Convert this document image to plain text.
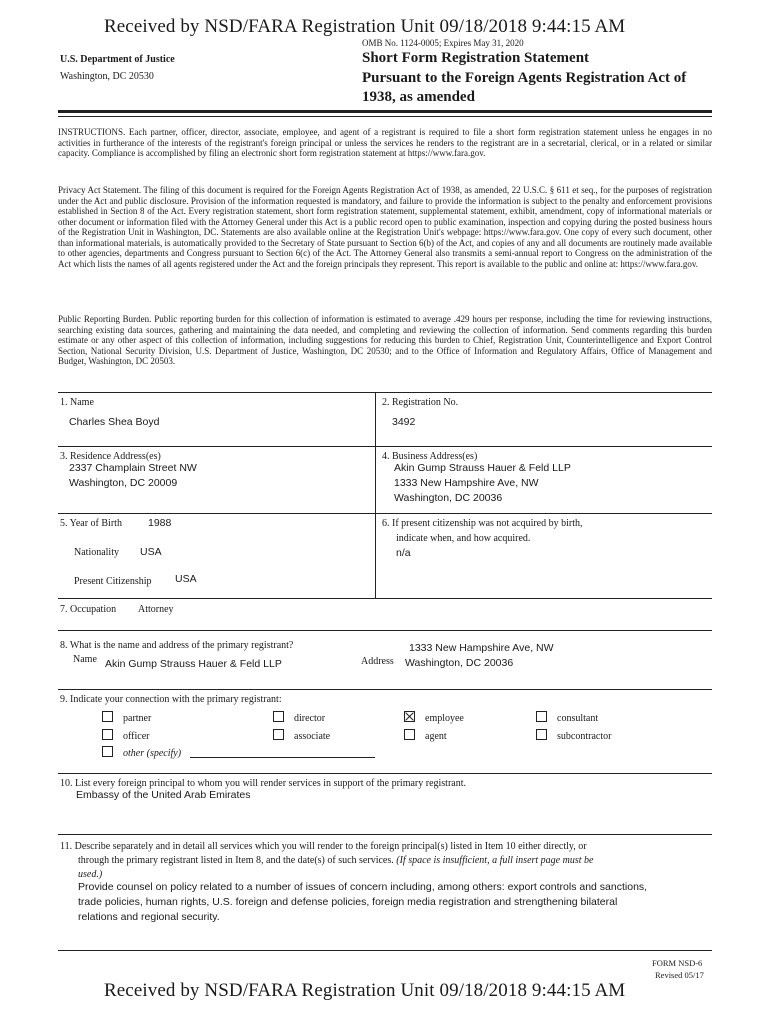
Received by NSD/FARA Registration Unit 09/18/2018 9:44:15 AM
OMB No. 1124-0005; Expires May 31, 2020
U.S. Department of Justice
Washington, DC 20530
Short Form Registration Statement
Pursuant to the Foreign Agents Registration Act of
1938, as amended
INSTRUCTIONS. Each partner, officer, director, associate, employee, and agent of a registrant is required to file a short form registration statement unless he engages in no activities in furtherance of the interests of the registrant's foreign principal or unless the services he renders to the registrant are in a secretarial, clerical, or in a related or similar capacity. Compliance is accomplished by filing an electronic short form registration statement at https://www.fara.gov.
Privacy Act Statement. The filing of this document is required for the Foreign Agents Registration Act of 1938, as amended, 22 U.S.C. § 611 et seq., for the purposes of registration under the Act and public disclosure. Provision of the information requested is mandatory, and failure to provide the information is subject to the penalty and enforcement provisions established in Section 8 of the Act. Every registration statement, short form registration statement, supplemental statement, exhibit, amendment, copy of informational materials or other document or information filed with the Attorney General under this Act is a public record open to public examination, inspection and copying during the posted business hours of the Registration Unit in Washington, DC. Statements are also available online at the Registration Unit's webpage: https://www.fara.gov. One copy of every such document, other than informational materials, is automatically provided to the Secretary of State pursuant to Section 6(b) of the Act, and copies of any and all documents are routinely made available to other agencies, departments and Congress pursuant to Section 6(c) of the Act. The Attorney General also transmits a semi-annual report to Congress on the administration of the Act which lists the names of all agents registered under the Act and the foreign principals they represent. This report is available to the public and online at: https://www.fara.gov.
Public Reporting Burden. Public reporting burden for this collection of information is estimated to average .429 hours per response, including the time for reviewing instructions, searching existing data sources, gathering and maintaining the data needed, and completing and reviewing the collection of information. Send comments regarding this burden estimate or any other aspect of this collection of information, including suggestions for reducing this burden to Chief, Registration Unit, Counterintelligence and Export Control Section, National Security Division, U.S. Department of Justice, Washington, DC 20530; and to the Office of Information and Regulatory Affairs, Office of Management and Budget, Washington, DC 20503.
1. Name
Charles Shea Boyd
2. Registration No.
3492
3. Residence Address(es)
2337 Champlain Street NW
Washington, DC 20009
4. Business Address(es)
Akin Gump Strauss Hauer & Feld LLP
1333 New Hampshire Ave, NW
Washington, DC 20036
5. Year of Birth 1988
Nationality USA
Present Citizenship USA
6. If present citizenship was not acquired by birth,
indicate when, and how acquired.
n/a
7. Occupation Attorney
8. What is the name and address of the primary registrant?
Name Akin Gump Strauss Hauer & Feld LLP	Address
1333 New Hampshire Ave, NW
Washington, DC 20036
9. Indicate your connection with the primary registrant:
partner
officer
other (specify)
director
associate
employee
agent
consultant
subcontractor
10. List every foreign principal to whom you will render services in support of the primary registrant.
Embassy of the United Arab Emirates
11. Describe separately and in detail all services which you will render to the foreign principal(s) listed in Item 10 either directly, or
through the primary registrant listed in Item 8, and the date(s) of such services. (If space is insufficient, a full insert page must be
used.)
Provide counsel on policy related to a number of issues of concern including, among others: export controls and sanctions,
trade policies, human rights, U.S. foreign and defense policies, foreign media registration and strengthening bilateral
relations and regional security.
FORM NSD-6
Revised 05/17
Received by NSD/FARA Registration Unit 09/18/2018 9:44:15 AM
